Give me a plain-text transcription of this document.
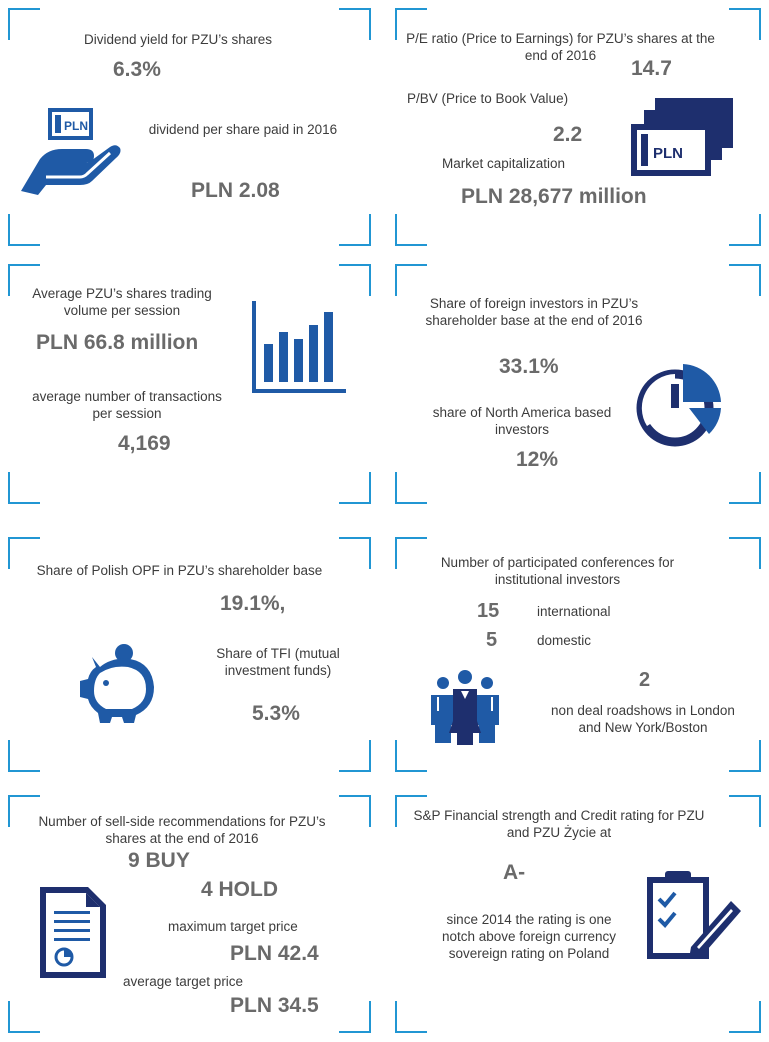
Dividend yield for PZU’s shares
6.3%
dividend per share paid in 2016
PLN 2.08
PLN
P/E ratio (Price to Earnings) for PZU’s shares at the end of 2016
14.7
P/BV (Price to Book Value)
2.2
Market capitalization
PLN 28,677 million
PLN
Average PZU’s shares trading volume per session
PLN 66.8 million
average number of transactions per session
4,169
Share of foreign investors in PZU’s shareholder base at the end of 2016
33.1%
share of North America based investors
12%
Share of Polish OPF in PZU’s shareholder base
19.1%,
Share of TFI (mutual investment funds)
5.3%
Number of participated conferences for institutional investors
15	international
5	domestic
2
non deal roadshows in London and New York/Boston
Number of sell-side recommendations for PZU’s shares at the end of 2016
9 BUY
4 HOLD
maximum target price
PLN 42.4
average target price
PLN 34.5
S&P Financial strength and Credit rating for PZU and PZU Życie at
A-
since 2014 the rating is one notch above foreign currency sovereign rating on Poland
